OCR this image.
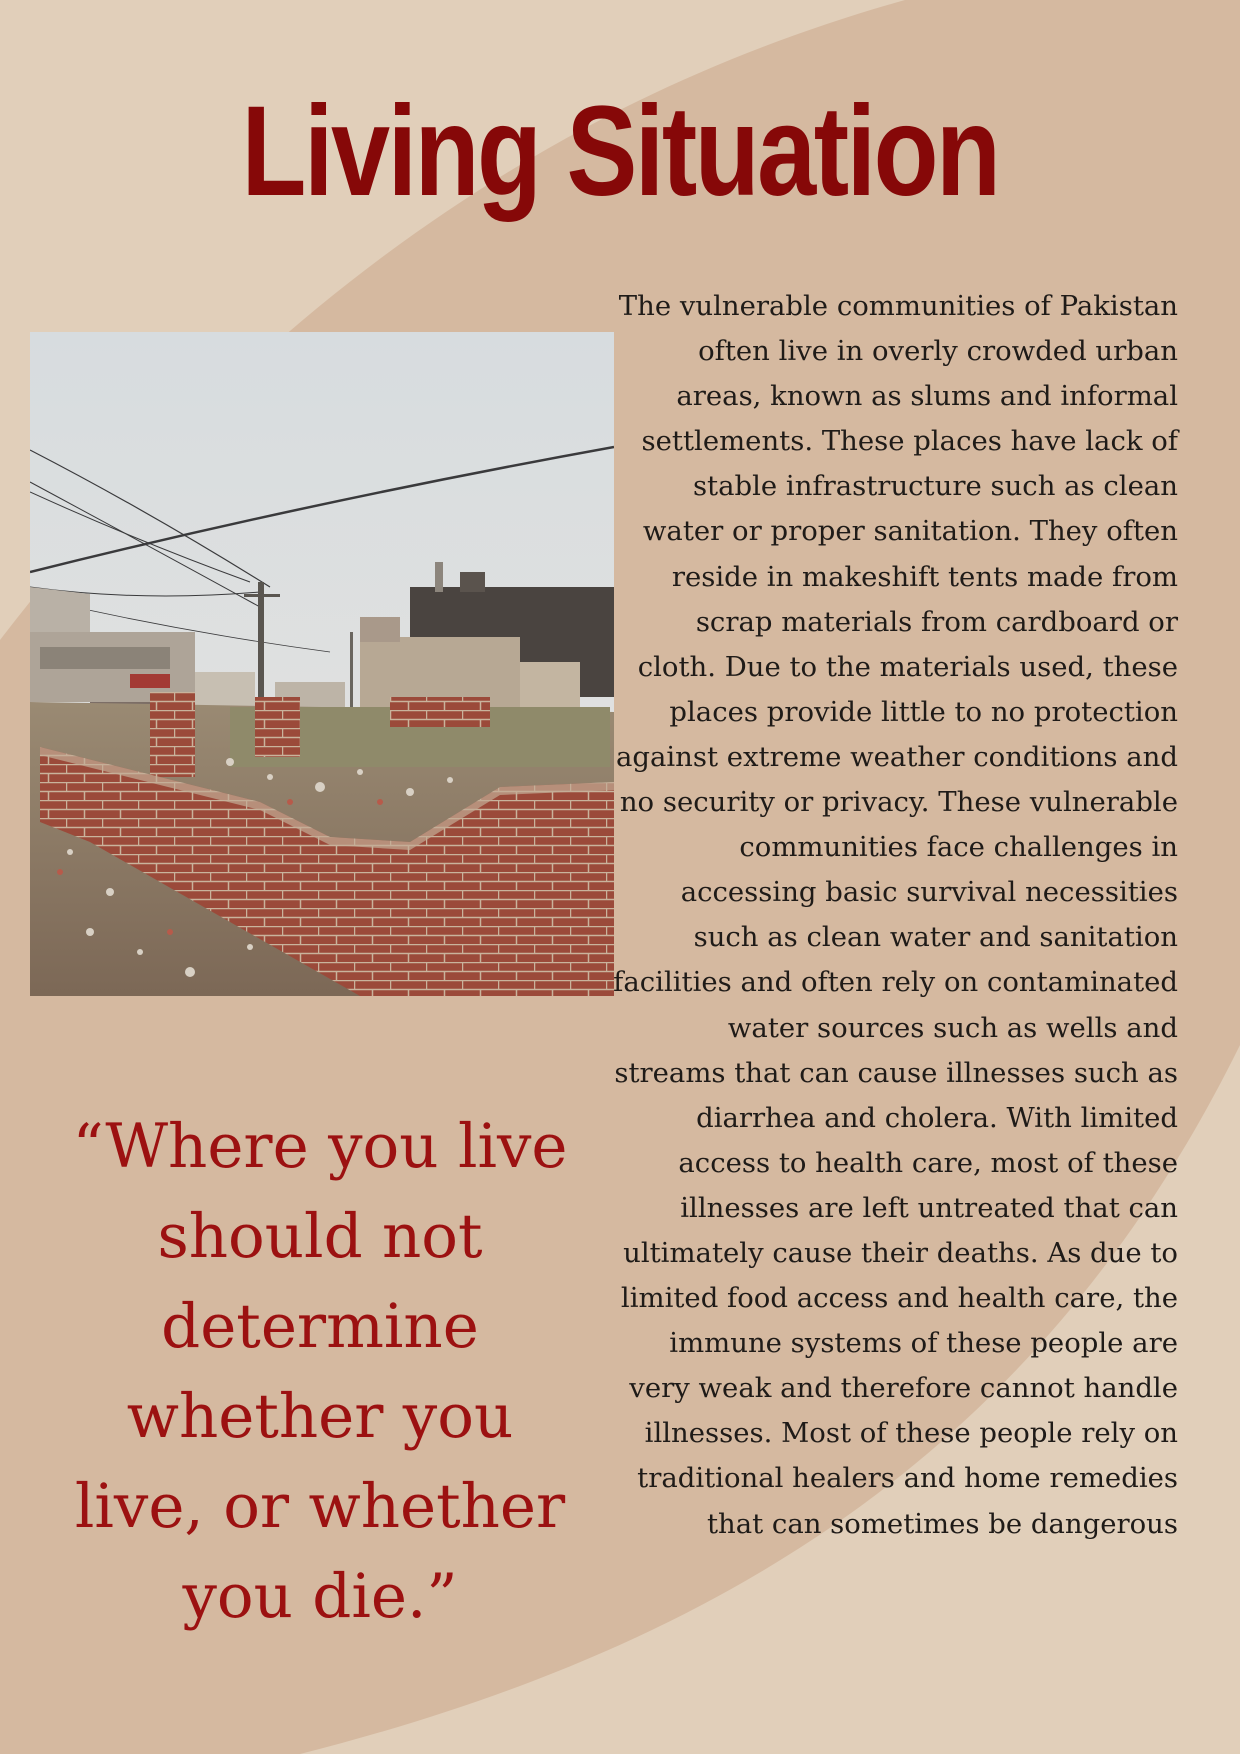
Living Situation

The vulnerable communities of Pakistan often live in overly crowded urban areas, known as slums and informal settlements. These places have lack of stable infrastructure such as clean water or proper sanitation. They often reside in makeshift tents made from scrap materials from cardboard or cloth. Due to the materials used, these places provide little to no protection against extreme weather conditions and no security or privacy. These vulnerable communities face challenges in accessing basic survival necessities such as clean water and sanitation facilities and often rely on contaminated water sources such as wells and streams that can cause illnesses such as diarrhea and cholera. With limited access to health care, most of these illnesses are left untreated that can ultimately cause their deaths. As due to limited food access and health care, the immune systems of these people are very weak and therefore cannot handle illnesses. Most of these people rely on traditional healers and home remedies that can sometimes be dangerous

“Where you live should not determine whether you live, or whether you die.”
